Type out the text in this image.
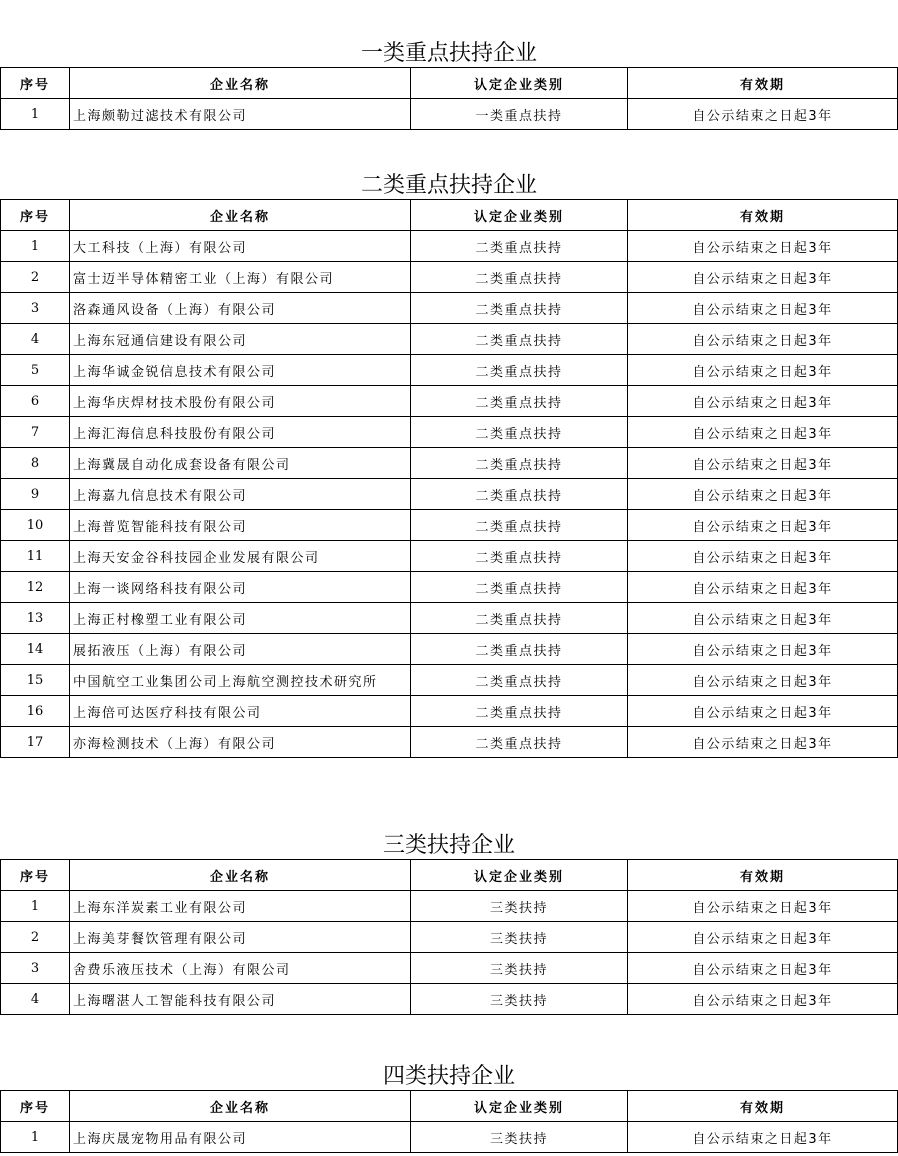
一类重点扶持企业
序号	企业名称	认定企业类别	有效期
1	上海颇勒过滤技术有限公司	一类重点扶持	自公示结束之日起3年
二类重点扶持企业
序号	企业名称	认定企业类别	有效期
1	大工科技（上海）有限公司	二类重点扶持	自公示结束之日起3年
2	富士迈半导体精密工业（上海）有限公司	二类重点扶持	自公示结束之日起3年
3	洛森通风设备（上海）有限公司	二类重点扶持	自公示结束之日起3年
4	上海东冠通信建设有限公司	二类重点扶持	自公示结束之日起3年
5	上海华诚金锐信息技术有限公司	二类重点扶持	自公示结束之日起3年
6	上海华庆焊材技术股份有限公司	二类重点扶持	自公示结束之日起3年
7	上海汇海信息科技股份有限公司	二类重点扶持	自公示结束之日起3年
8	上海冀晟自动化成套设备有限公司	二类重点扶持	自公示结束之日起3年
9	上海嘉九信息技术有限公司	二类重点扶持	自公示结束之日起3年
10	上海普览智能科技有限公司	二类重点扶持	自公示结束之日起3年
11	上海天安金谷科技园企业发展有限公司	二类重点扶持	自公示结束之日起3年
12	上海一谈网络科技有限公司	二类重点扶持	自公示结束之日起3年
13	上海正村橡塑工业有限公司	二类重点扶持	自公示结束之日起3年
14	展拓液压（上海）有限公司	二类重点扶持	自公示结束之日起3年
15	中国航空工业集团公司上海航空测控技术研究所	二类重点扶持	自公示结束之日起3年
16	上海倍可达医疗科技有限公司	二类重点扶持	自公示结束之日起3年
17	亦海检测技术（上海）有限公司	二类重点扶持	自公示结束之日起3年
三类扶持企业
序号	企业名称	认定企业类别	有效期
1	上海东洋炭素工业有限公司	三类扶持	自公示结束之日起3年
2	上海美芽餐饮管理有限公司	三类扶持	自公示结束之日起3年
3	舍费乐液压技术（上海）有限公司	三类扶持	自公示结束之日起3年
4	上海曙湛人工智能科技有限公司	三类扶持	自公示结束之日起3年
四类扶持企业
序号	企业名称	认定企业类别	有效期
1	上海庆晟宠物用品有限公司	三类扶持	自公示结束之日起3年
